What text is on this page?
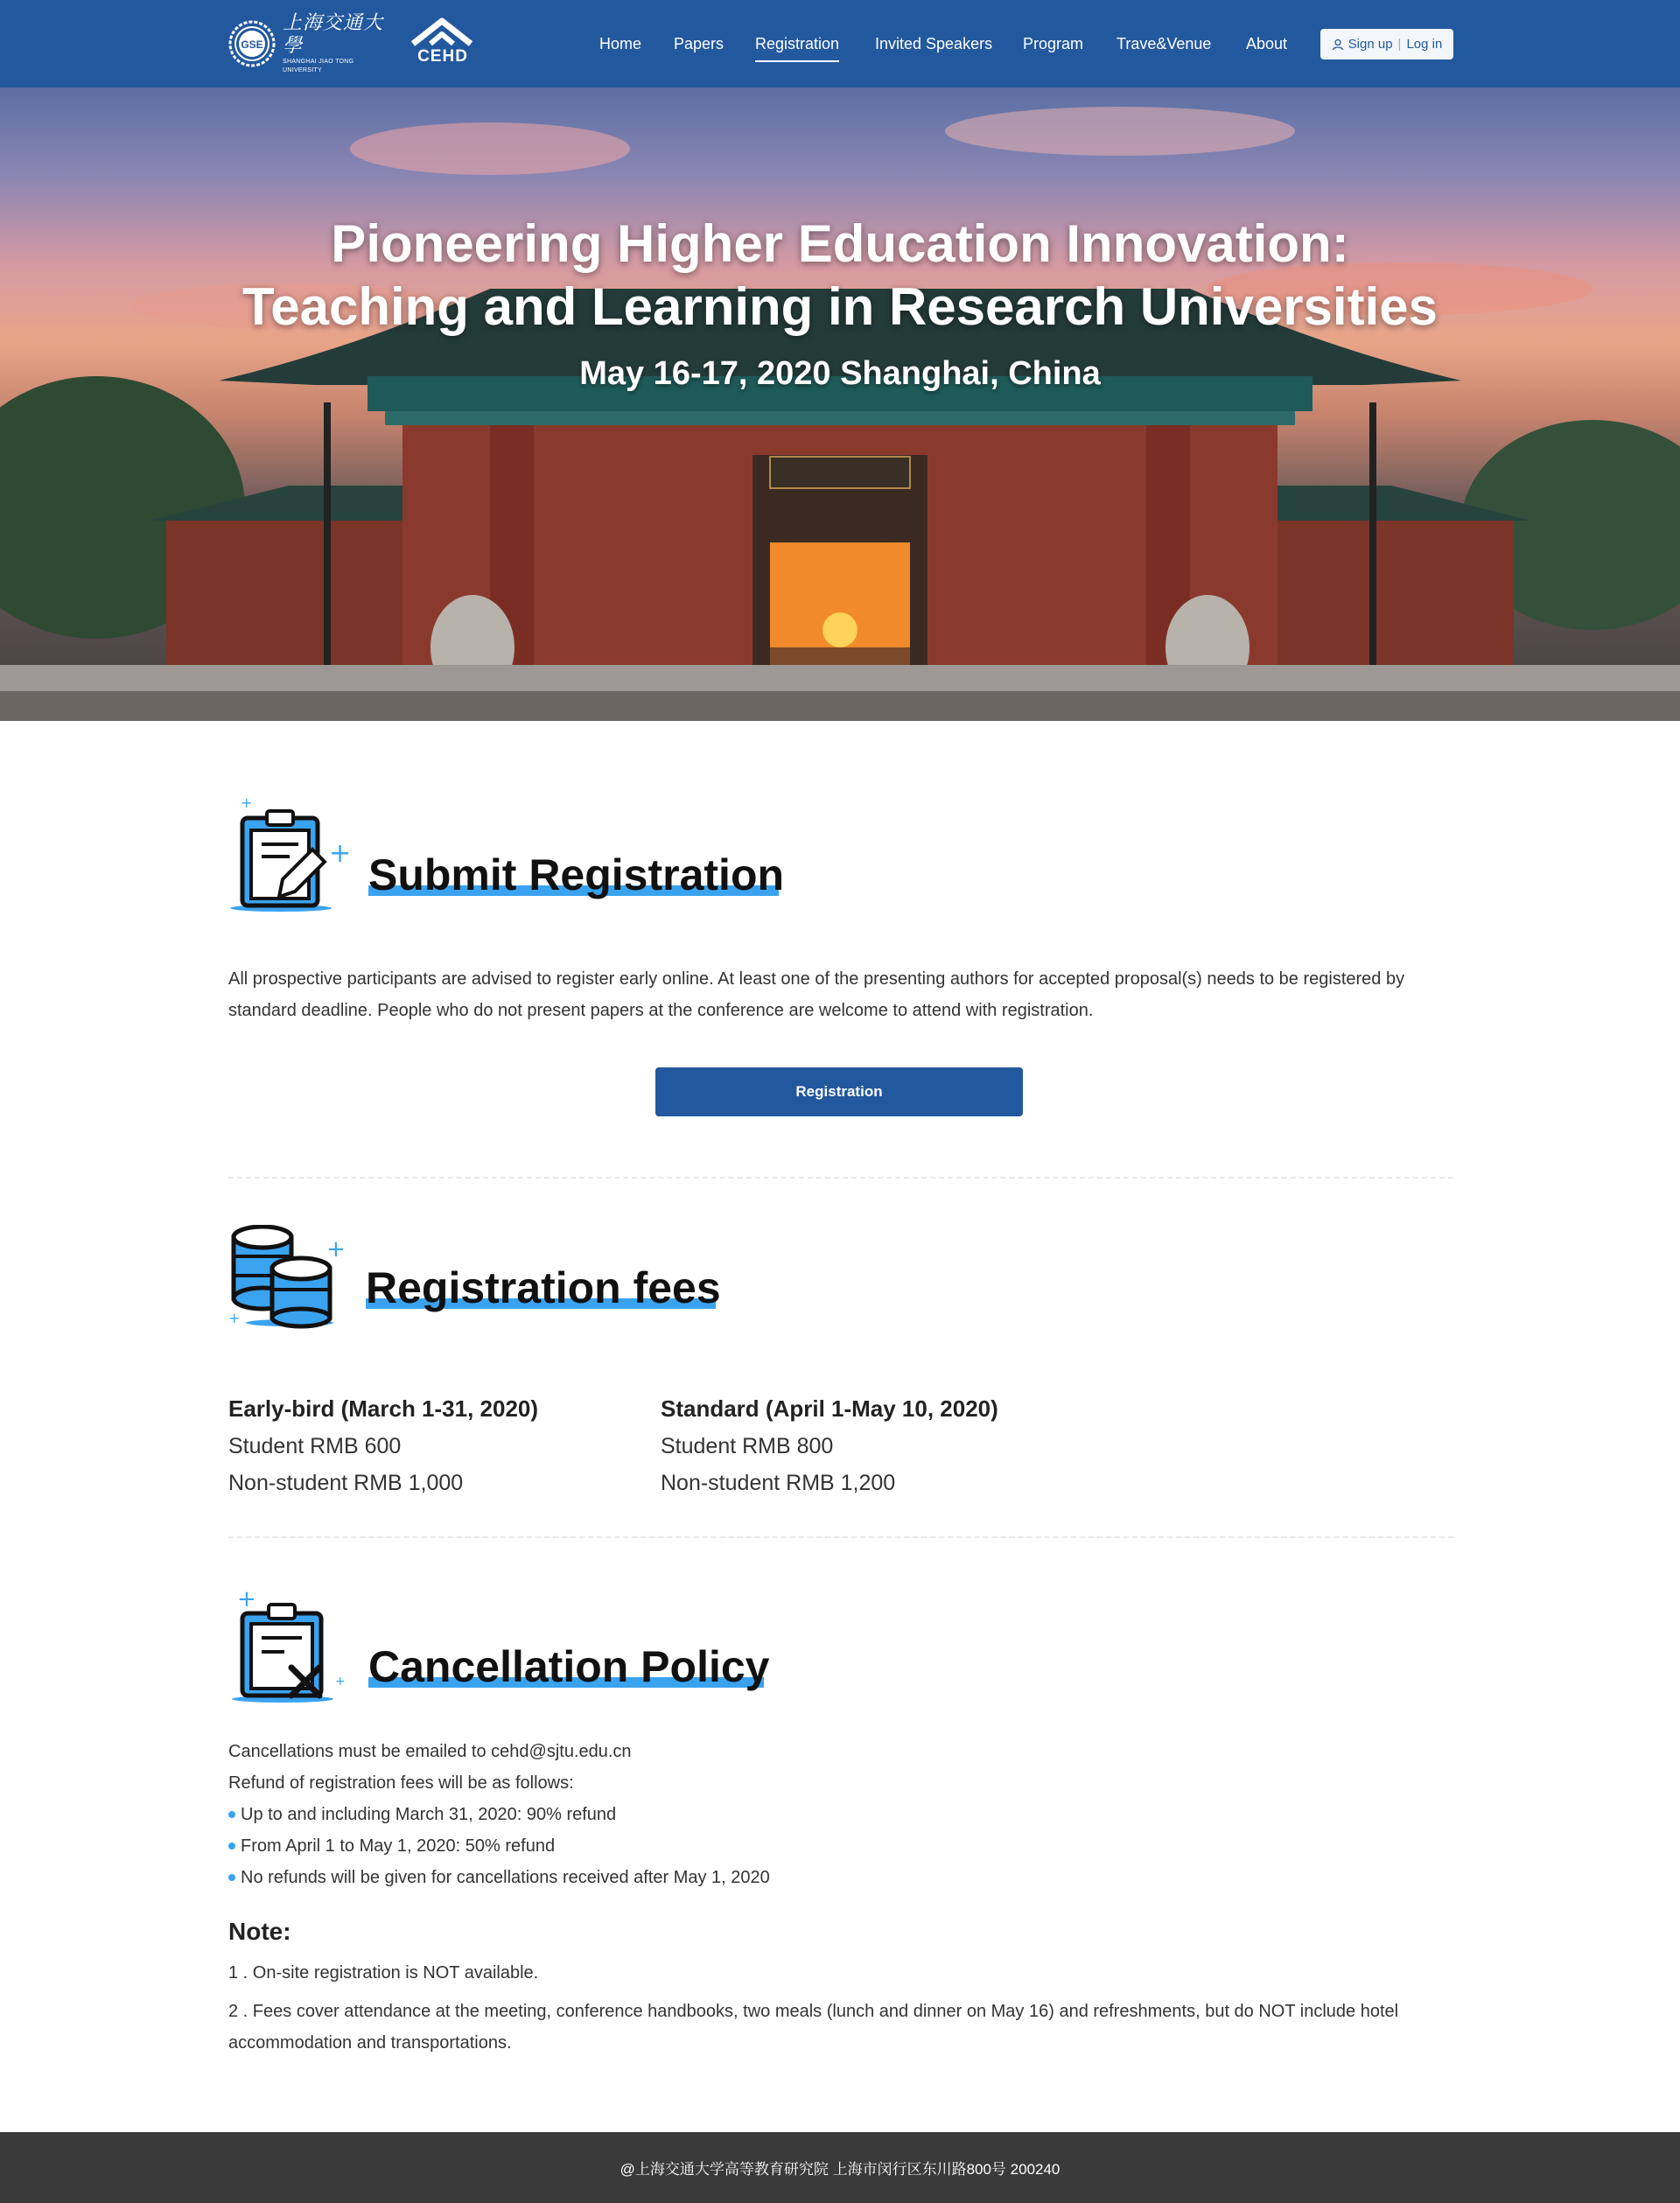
GSE
上海交通大學
SHANGHAI JIAO TONG UNIVERSITY
CEHD
Home Papers Registration Invited Speakers Program Trave&Venue About	Sign up | Log in
Pioneering Higher Education Innovation:
Teaching and Learning in Research Universities
May 16-17, 2020 Shanghai, China
+
+ Submit Registration
All prospective participants are advised to register early online. At least one of the presenting authors for accepted proposal(s) needs to be registered by standard deadline. People who do not present papers at the conference are welcome to attend with registration.
Registration
+
+
Registration fees
Early-bird (March 1-31, 2020)
Student RMB 600
Non-student RMB 1,000
Standard (April 1-May 10, 2020)
Student RMB 800
Non-student RMB 1,200
+
+ Cancellation Policy
Cancellations must be emailed to cehd@sjtu.edu.cn
Refund of registration fees will be as follows:
Up to and including March 31, 2020: 90% refund
From April 1 to May 1, 2020: 50% refund
No refunds will be given for cancellations received after May 1, 2020
Note:
1 . On-site registration is NOT available.
2 . Fees cover attendance at the meeting, conference handbooks, two meals (lunch and dinner on May 16) and refreshments, but do NOT include hotel accommodation and transportations.
@上海交通大学高等教育研究院 上海市闵行区东川路800号 200240
